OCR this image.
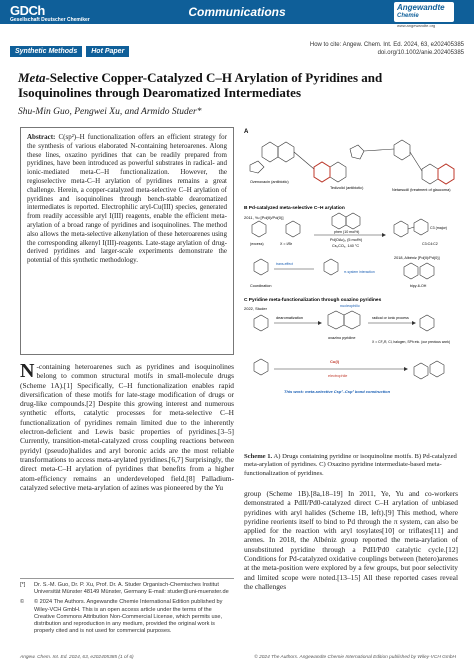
GDCh
Gesellschaft Deutscher Chemiker
Communications	Angewandte
Chemie
www.angewandte.org
Synthetic Methods	Hot Paper
How to cite: Angew. Chem. Int. Ed. 2024, 63, e202405385
doi.org/10.1002/anie.202405385
Meta-Selective Copper-Catalyzed C–H Arylation of Pyridines and Isoquinolines through Dearomatized Intermediates
Shu-Min Guo, Pengwei Xu, and Armido Studer*
Abstract: C(sp²)–H functionalization offers an efficient strategy for the synthesis of various elaborated N-containing heteroarenes. Along these lines, oxazino pyridines that can be readily prepared from pyridines, have been introduced as powerful substrates in radical- and ionic-mediated meta-C–H functionalization. However, the regioselective meta-C–H arylation of pyridines remains a great challenge. Herein, a copper-catalyzed meta-selective C–H arylation of pyridines and isoquinolines through bench-stable dearomatized intermediates is reported. Electrophilic aryl-Cu(III) species, generated from readily accessible aryl I(III) reagents, enable the efficient meta-arylation of a broad range of pyridines and isoquinolines. The method also allows the meta-selective alkenylation of these heteroarenes using the corresponding alkenyl I(III)-reagents. Late-stage arylation of drug-derived pyridines and larger-scale experiments demonstrate the potential of this synthetic methodology.
A
Ozenoxacin (antibiotic)
Tedizolid (antibiotic)	Netarsudil (treatment of glaucoma)
B Pd-catalyzed meta-selective C–H arylation
2011, Yu [Pd(II)/Pd(0)]
Pd(OAc)₂ (5 mol%)
phen (10 mol%)
Cs₂CO₃, 140 °C
(excess)	X = I/Br
C3 (major)
C3:C4:C2
2018, Albéniz [Pd(II)/Pd(0)]
trans-effect
π-system interaction
Coordination	bipy-6-OH
C Pyridine meta-functionalization through oxazino pyridines
2022, Studer
dearomatization
nucleophilic
radical or ionic process
oxazino pyridine
X = CF₂R, Cl, halogen, SPh etc. (our previous work)
Cu(I)
electrophile
This work: meta-selective Csp²–Csp² bond construction
Scheme 1. A) Drugs containing pyridine or isoquinoline motifs. B) Pd-catalyzed meta-arylation of pyridines. C) Oxazino pyridine intermediate-based meta-functionalization of pyridines.
N -containing heteroarenes such as pyridines and isoquinolines belong to common structural motifs in small-molecule drugs (Scheme 1A).[1] Specifically, C–H functionalization enables rapid diversification of these motifs for late-stage modification of drugs or drug-like compounds.[2] Despite this growing interest and numerous synthetic efforts, catalytic processes for meta-selective C–H functionalization of pyridines remain limited due to the inherently electron-deficient and Lewis basic properties of pyridines.[3–5] Currently, transition-metal-catalyzed cross coupling reactions between pyridyl (pseudo)halides and aryl boronic acids are the most reliable transformations to access meta-arylated pyridines.[6,7] Surprisingly, the direct meta-C–H arylation of pyridines that benefits from a higher atom-efficiency remains an underdeveloped field.[8] Palladium-catalyzed selective meta-arylation of azines was pioneered by the Yu
group (Scheme 1B).[8a,18–19] In 2011, Ye, Yu and co-workers demonstrated a PdII/Pd0-catalyzed direct C–H arylation of unbiased pyridines with aryl halides (Scheme 1B, left).[9] This method, where pyridine reorients itself to bind to Pd through the π system, can also be applied for the reaction with aryl tosylates[10] or triflates[11] and arenes. In 2018, the Albéniz group reported the meta-arylation of unsubstituted pyridine through a PdII/Pd0 catalytic cycle.[12] Conditions for Pd-catalyzed oxidative couplings between (hetero)arenes at the meta-position were explored by a few groups, but poor selectivity and limited scope were noted.[13–15] All these reported cases reveal the challenges
[*]	Dr. S.-M. Guo, Dr. P. Xu, Prof. Dr. A. Studer Organisch-Chemisches Institut Universität Münster 48149 Münster, Germany E-mail: studer@uni-muenster.de
©	© 2024 The Authors. Angewandte Chemie International Edition published by Wiley-VCH GmbH. This is an open access article under the terms of the Creative Commons Attribution Non-Commercial License, which permits use, distribution and reproduction in any medium, provided the original work is properly cited and is not used for commercial purposes.
Angew. Chem. Int. Ed. 2024, 63, e202405385 (1 of 6)	© 2024 The Authors. Angewandte Chemie International Edition published by Wiley-VCH GmbH
